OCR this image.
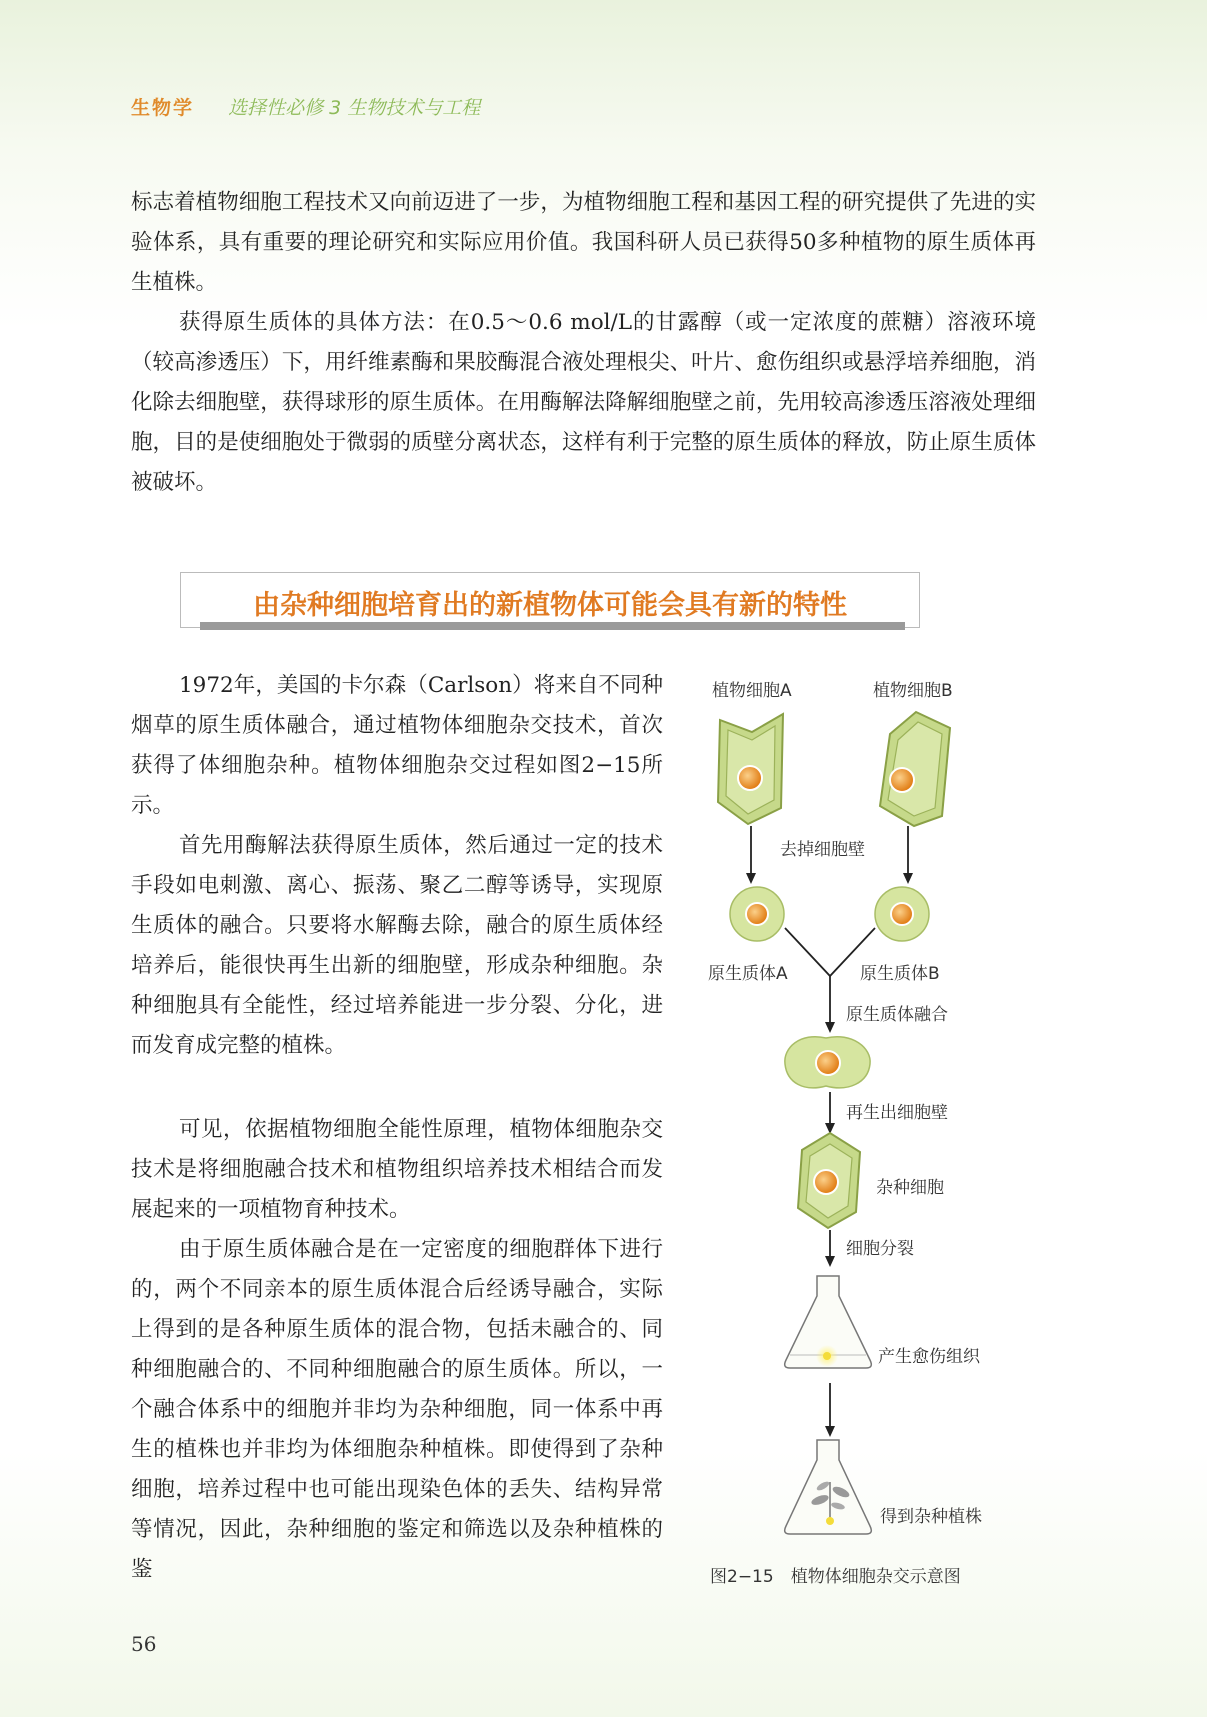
生物学 选择性必修 3 生物技术与工程

标志着植物细胞工程技术又向前迈进了一步，为植物细胞工程和基因工程的研究提供了先进的实验体系，具有重要的理论研究和实际应用价值。我国科研人员已获得50多种植物的原生质体再生植株。

获得原生质体的具体方法：在0.5～0.6 mol/L的甘露醇（或一定浓度的蔗糖）溶液环境（较高渗透压）下，用纤维素酶和果胶酶混合液处理根尖、叶片、愈伤组织或悬浮培养细胞，消化除去细胞壁，获得球形的原生质体。在用酶解法降解细胞壁之前，先用较高渗透压溶液处理细胞，目的是使细胞处于微弱的质壁分离状态，这样有利于完整的原生质体的释放，防止原生质体被破坏。

由杂种细胞培育出的新植物体可能会具有新的特性

1972年，美国的卡尔森（Carlson）将来自不同种烟草的原生质体融合，通过植物体细胞杂交技术，首次获得了体细胞杂种。植物体细胞杂交过程如图2−15所示。

首先用酶解法获得原生质体，然后通过一定的技术手段如电刺激、离心、振荡、聚乙二醇等诱导，实现原生质体的融合。只要将水解酶去除，融合的原生质体经培养后，能很快再生出新的细胞壁，形成杂种细胞。杂种细胞具有全能性，经过培养能进一步分裂、分化，进而发育成完整的植株。

可见，依据植物细胞全能性原理，植物体细胞杂交技术是将细胞融合技术和植物组织培养技术相结合而发展起来的一项植物育种技术。

由于原生质体融合是在一定密度的细胞群体下进行的，两个不同亲本的原生质体混合后经诱导融合，实际上得到的是各种原生质体的混合物，包括未融合的、同种细胞融合的、不同种细胞融合的原生质体。所以，一个融合体系中的细胞并非均为杂种细胞，同一体系中再生的植株也并非均为体细胞杂种植株。即使得到了杂种细胞，培养过程中也可能出现染色体的丢失、结构异常等情况，因此，杂种细胞的鉴定和筛选以及杂种植株的鉴

植物细胞A	植物细胞B
去掉细胞壁
原生质体A	原生质体B
原生质体融合
再生出细胞壁
杂种细胞
细胞分裂
产生愈伤组织
得到杂种植株
图2−15　植物体细胞杂交示意图
56
